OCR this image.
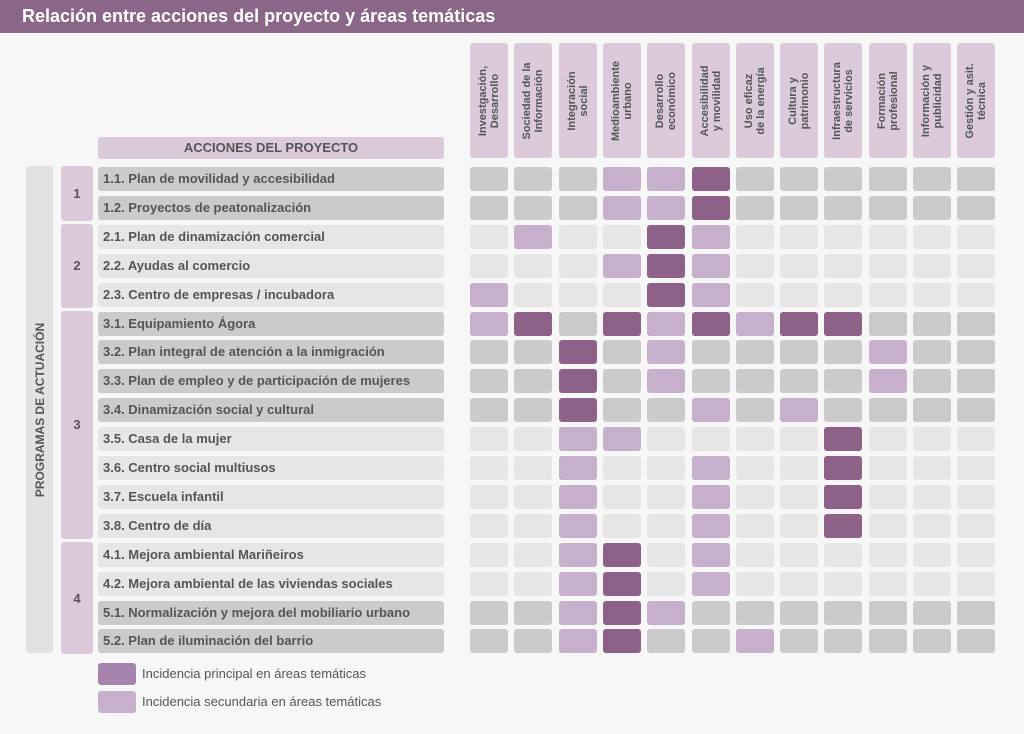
Relación entre acciones del proyecto y áreas temáticas
Investgación,
Desarrollo Sociedad de la
Información Integración
social Medioambiente
urbano Desarrollo
económico Accesibilidad
y movilidad Uso eficaz
de la energía Cultura y
patrimonio Infraestructura
de servicios Formación
profesional Información y
publicidad Gestión y asit.
técnica
ACCIONES DEL PROYECTO
PROGRAMAS DE ACTUACIÓN
1
2
3
4
1.1. Plan de movilidad y accesibilidad
1.2. Proyectos de peatonalización
2.1. Plan de dinamización comercial
2.2. Ayudas al comercio
2.3. Centro de empresas / incubadora
3.1. Equipamiento Ágora
3.2. Plan integral de atención a la inmigración
3.3. Plan de empleo y de participación de mujeres
3.4. Dinamización social y cultural
3.5. Casa de la mujer
3.6. Centro social multiusos
3.7. Escuela infantil
3.8. Centro de día
4.1. Mejora ambiental Mariñeiros
4.2. Mejora ambiental de las viviendas sociales
5.1. Normalización y mejora del mobiliario urbano
5.2. Plan de iluminación del barrio
Incidencia principal en áreas temáticas
Incidencia secundaria en áreas temáticas
